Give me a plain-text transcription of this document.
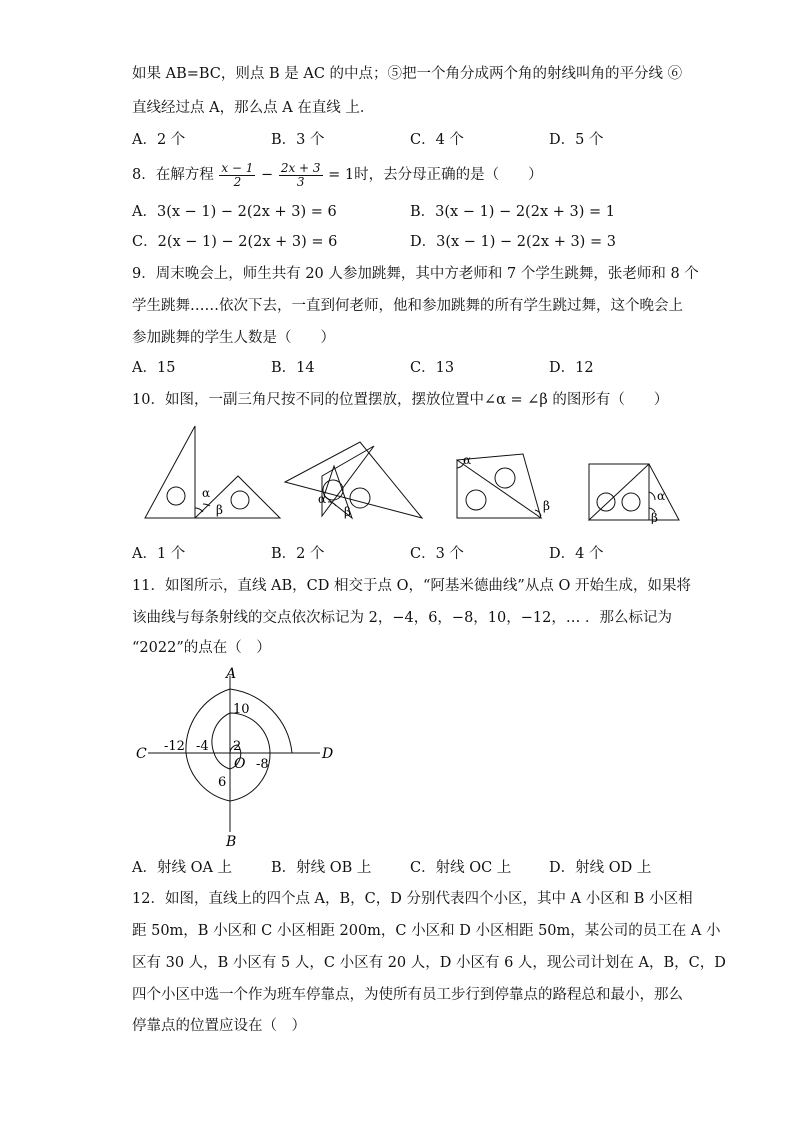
如果 AB=BC，则点 B 是 AC 的中点；⑤把一个角分成两个角的射线叫角的平分线 ⑥
直线经过点 A，那么点 A 在直线 上．
A．2 个	B．3 个	C．4 个	D．5 个
8．在解方程 $\frac{x - 1}{2} - \frac{2x + 3}{3} = 1$时，去分母正确的是（　　）
A．3(x − 1) − 2(2x + 3) = 6	B．3(x − 1) − 2(2x + 3) = 1
C．2(x − 1) − 2(2x + 3) = 6	D．3(x − 1) − 2(2x + 3) = 3
9．周末晚会上，师生共有 20 人参加跳舞，其中方老师和 7 个学生跳舞，张老师和 8 个
学生跳舞……依次下去，一直到何老师，他和参加跳舞的所有学生跳过舞，这个晚会上
参加跳舞的学生人数是（　　）
A．15	B．14	C．13	D．12
10．如图，一副三角尺按不同的位置摆放，摆放位置中∠α = ∠β 的图形有（　　）
α
β
α
β
α
β
α
β
A．1 个	B．2 个	C．3 个	D．4 个
11．如图所示，直线 AB，CD 相交于点 O，“阿基米德曲线”从点 O 开始生成，如果将
该曲线与每条射线的交点依次标记为 2，−4，6，−8，10，−12，… ．那么标记为
“2022”的点在（　）
A
B
C	D
O
10
2
-4
-12
-8
6
A．射线 OA 上	B．射线 OB 上	C．射线 OC 上	D．射线 OD 上
12．如图，直线上的四个点 A，B，C，D 分别代表四个小区，其中 A 小区和 B 小区相
距 50m，B 小区和 C 小区相距 200m，C 小区和 D 小区相距 50m，某公司的员工在 A 小
区有 30 人，B 小区有 5 人，C 小区有 20 人，D 小区有 6 人，现公司计划在 A，B，C，D
四个小区中选一个作为班车停靠点，为使所有员工步行到停靠点的路程总和最小，那么
停靠点的位置应设在（　）
